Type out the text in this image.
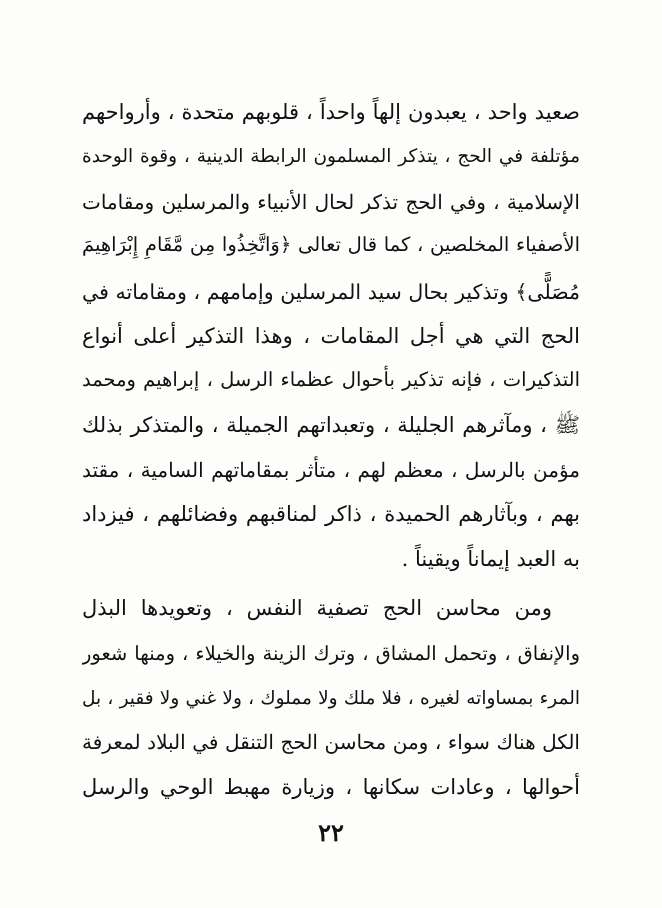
صعيد واحد ، يعبدون إلهاً واحداً ، قلوبهم متحدة ، وأرواحهم
مؤتلفة في الحج ، يتذكر المسلمون الرابطة الدينية ، وقوة الوحدة
الإسلامية ، وفي الحج تذكر لحال الأنبياء والمرسلين ومقامات
الأصفياء المخلصين ، كما قال تعالى ﴿وَاتَّخِذُوا مِن مَّقَامِ إِبْرَاهِيمَ
مُصَلًّى﴾ وتذكير بحال سيد المرسلين وإمامهم ، ومقاماته في
الحج التي هي أجل المقامات ، وهذا التذكير أعلى أنواع
التذكيرات ، فإنه تذكير بأحوال عظماء الرسل ، إبراهيم ومحمد
ﷺ ، ومآثرهم الجليلة ، وتعبداتهم الجميلة ، والمتذكر بذلك
مؤمن بالرسل ، معظم لهم ، متأثر بمقاماتهم السامية ، مقتد
بهم ، وبآثارهم الحميدة ، ذاكر لمناقبهم وفضائلهم ، فيزداد
به العبد إيماناً ويقيناً .
ومن محاسن الحج تصفية النفس ، وتعويدها البذل
والإنفاق ، وتحمل المشاق ، وترك الزينة والخيلاء ، ومنها شعور
المرء بمساواته لغيره ، فلا ملك ولا مملوك ، ولا غني ولا فقير ، بل
الكل هناك سواء ، ومن محاسن الحج التنقل في البلاد لمعرفة
أحوالها ، وعادات سكانها ، وزيارة مهبط الوحي والرسل
٢٢
